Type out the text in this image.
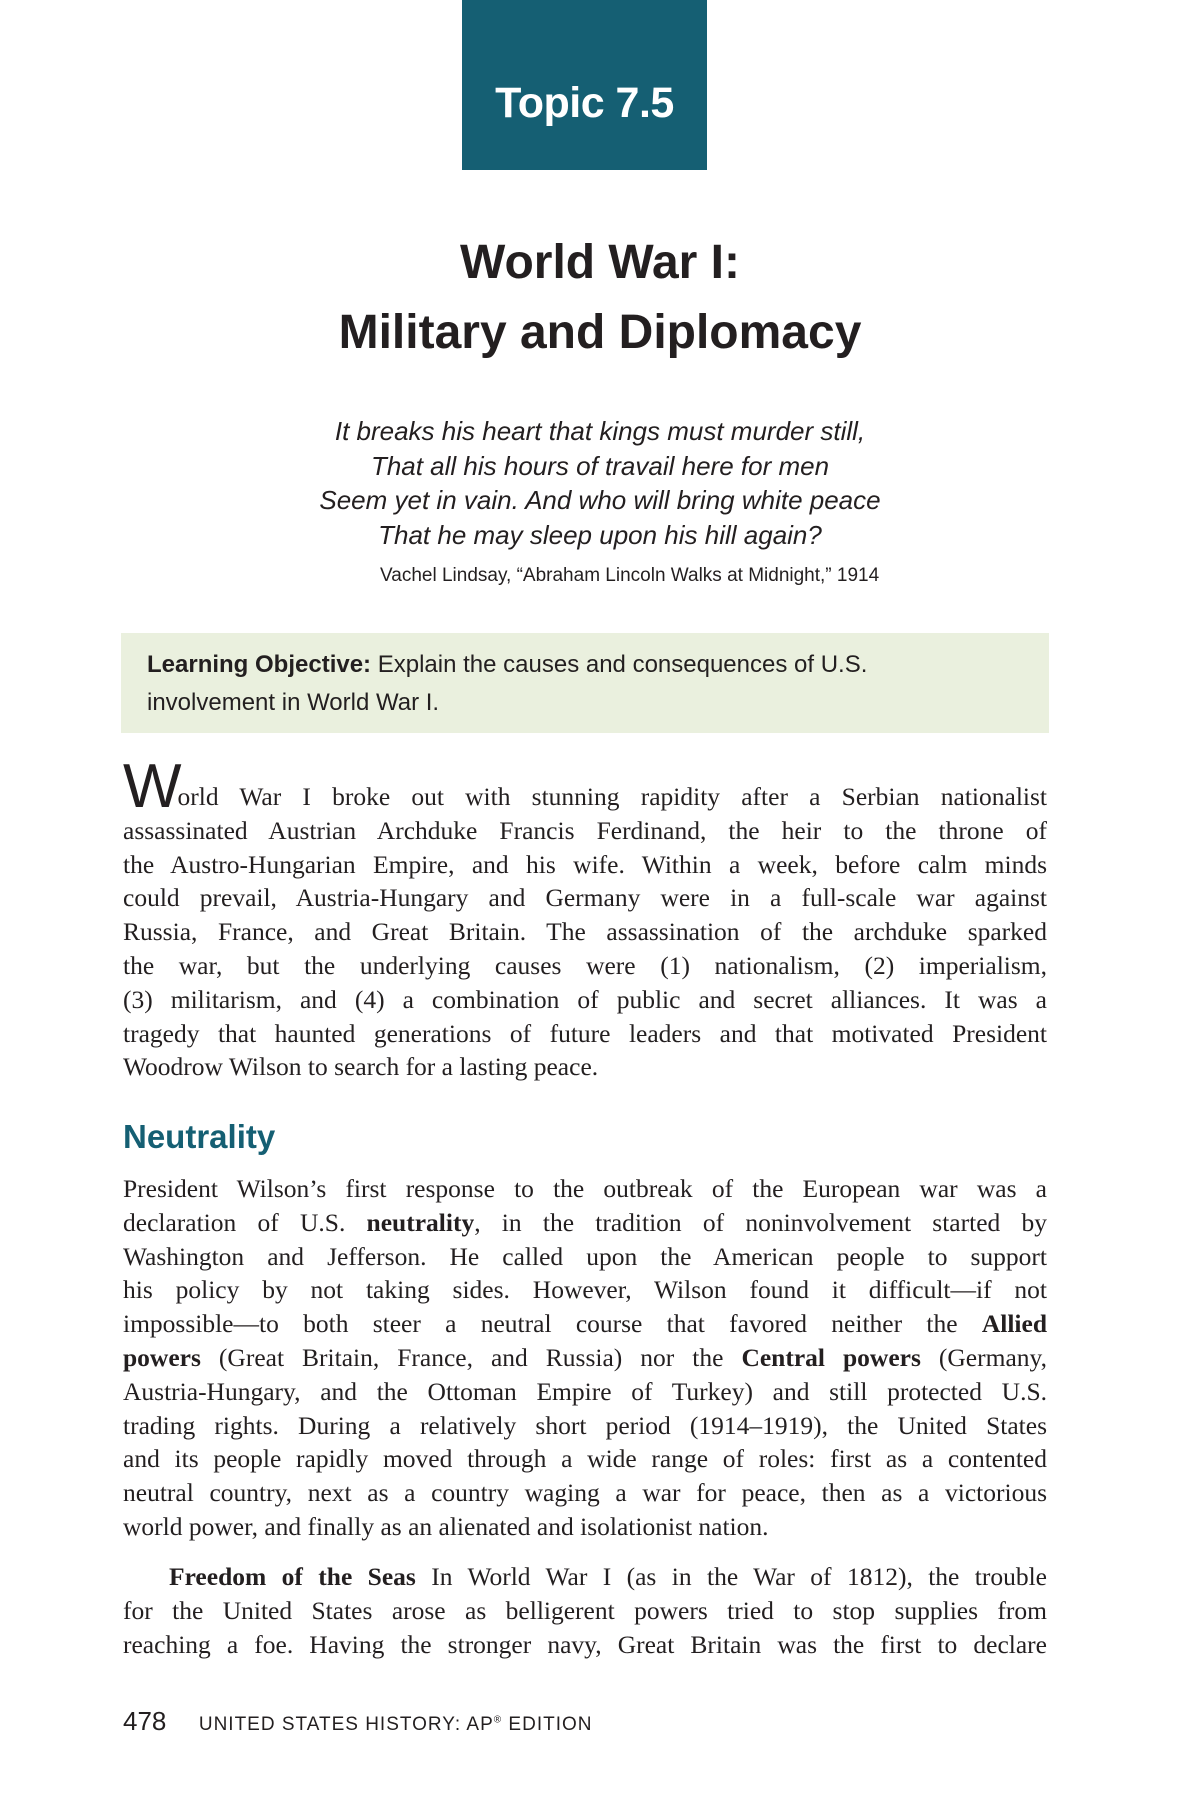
Topic 7.5
World War I:
Military and Diplomacy
It breaks his heart that kings must murder still,
That all his hours of travail here for men
Seem yet in vain. And who will bring white peace
That he may sleep upon his hill again?
Vachel Lindsay, “Abraham Lincoln Walks at Midnight,” 1914
Learning Objective: Explain the causes and consequences of U.S.
involvement in World War I.
World War I broke out with stunning rapidity after a Serbian nationalist
assassinated Austrian Archduke Francis Ferdinand, the heir to the throne of
the Austro-Hungarian Empire, and his wife. Within a week, before calm minds
could prevail, Austria-Hungary and Germany were in a full-scale war against
Russia, France, and Great Britain. The assassination of the archduke sparked
the war, but the underlying causes were (1) nationalism, (2) imperialism,
(3) militarism, and (4) a combination of public and secret alliances. It was a
tragedy that haunted generations of future leaders and that motivated President
Woodrow Wilson to search for a lasting peace.
Neutrality
President Wilson’s first response to the outbreak of the European war was a
declaration of U.S. neutrality, in the tradition of noninvolvement started by
Washington and Jefferson. He called upon the American people to support
his policy by not taking sides. However, Wilson found it difficult—if not
impossible—to both steer a neutral course that favored neither the Allied
powers (Great Britain, France, and Russia) nor the Central powers (Germany,
Austria-Hungary, and the Ottoman Empire of Turkey) and still protected U.S.
trading rights. During a relatively short period (1914–1919), the United States
and its people rapidly moved through a wide range of roles: first as a contented
neutral country, next as a country waging a war for peace, then as a victorious
world power, and finally as an alienated and isolationist nation.
Freedom of the Seas In World War I (as in the War of 1812), the trouble
for the United States arose as belligerent powers tried to stop supplies from
reaching a foe. Having the stronger navy, Great Britain was the first to declare
478 UNITED STATES HISTORY: AP® EDITION
